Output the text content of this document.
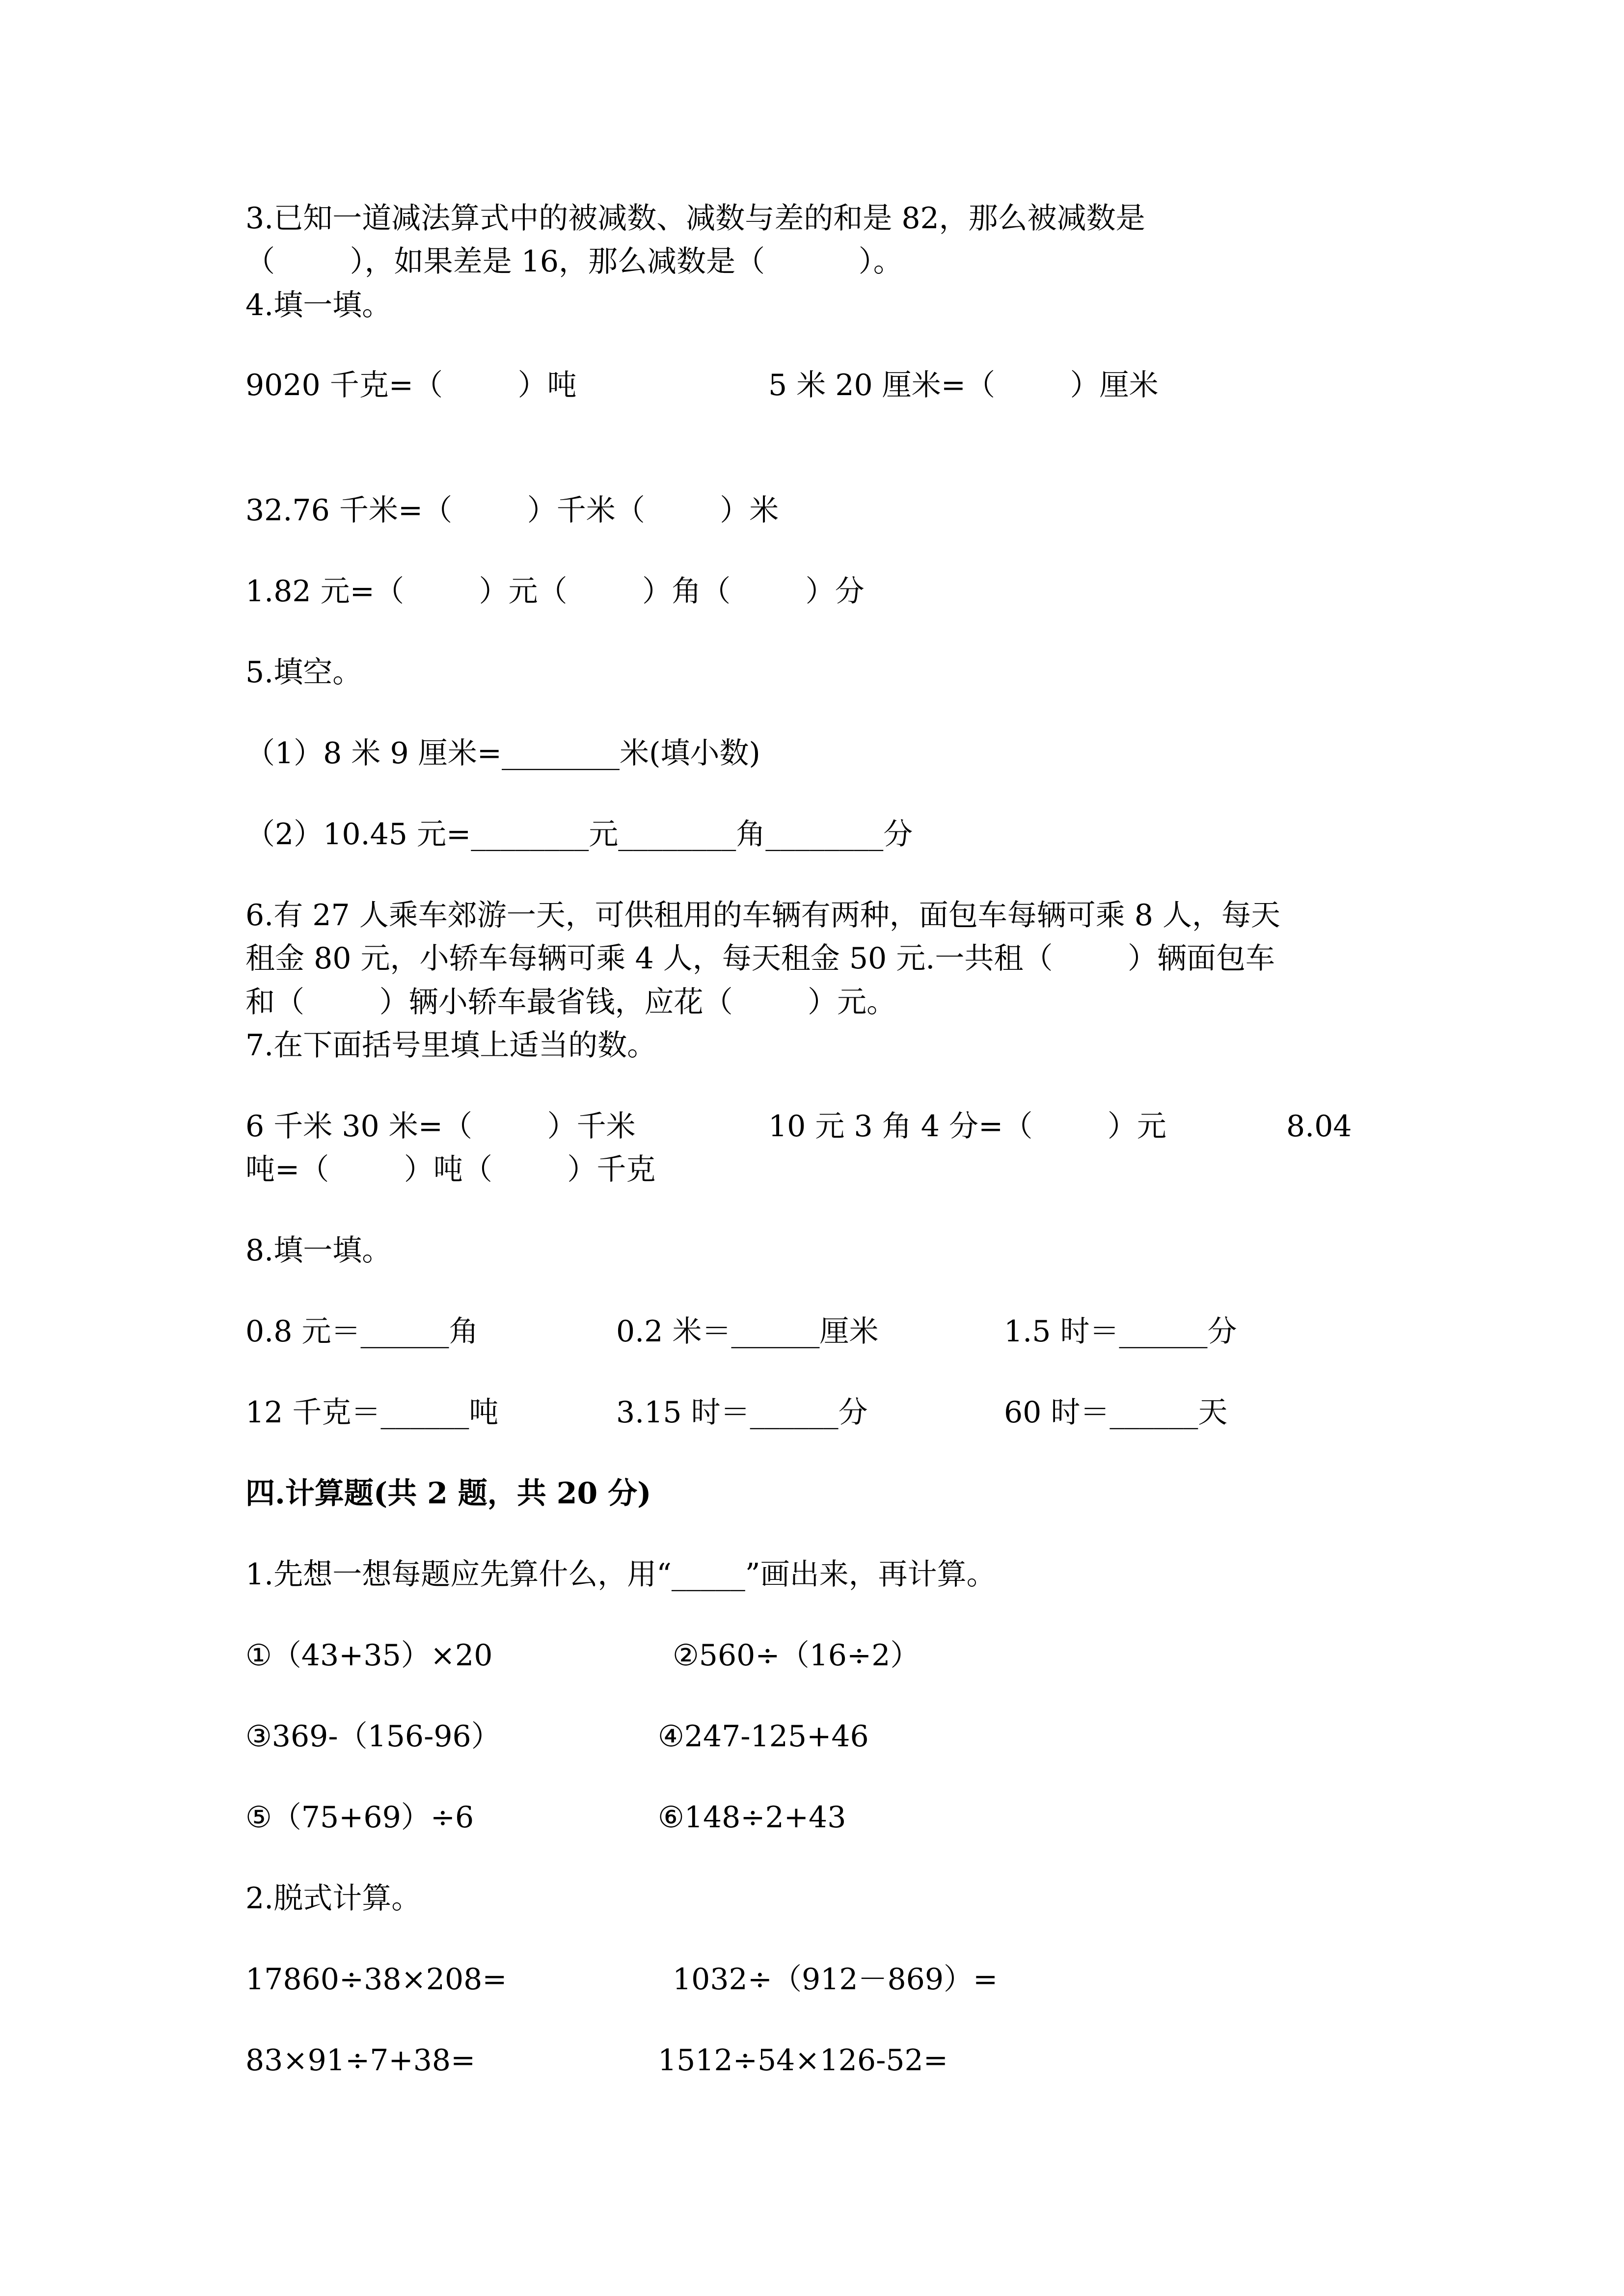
3.已知一道减法算式中的被减数、减数与差的和是 82，那么被减数是
（        ），如果差是 16，那么减数是（          ）。
4.填一填。
9020 千克=（        ）吨	5 米 20 厘米=（        ）厘米
32.76 千米=（        ）千米（        ）米
1.82 元=（        ）元（        ）角（        ）分
5.填空。
（1）8 米 9 厘米=________米(填小数)
（2）10.45 元=________元________角________分
6.有 27 人乘车郊游一天，可供租用的车辆有两种，面包车每辆可乘 8 人，每天
租金 80 元，小轿车每辆可乘 4 人，每天租金 50 元.一共租（        ）辆面包车
和（        ）辆小轿车最省钱，应花（        ）元。
7.在下面括号里填上适当的数。
6 千米 30 米=（        ）千米	10 元 3 角 4 分=（        ）元	8.04
吨=（        ）吨（        ）千克
8.填一填。
0.8 元＝______角	0.2 米＝______厘米	1.5 时＝______分
12 千克＝______吨	3.15 时＝______分	60 时＝______天
四.计算题(共 2 题，共 20 分)
1.先想一想每题应先算什么，用“_____”画出来，再计算。
①（43+35）×20	②560÷（16÷2）
③369-（156-96）	④247-125+46
⑤（75+69）÷6	⑥148÷2+43
2.脱式计算。
17860÷38×208=	1032÷（912－869）=
83×91÷7+38=	1512÷54×126-52=
